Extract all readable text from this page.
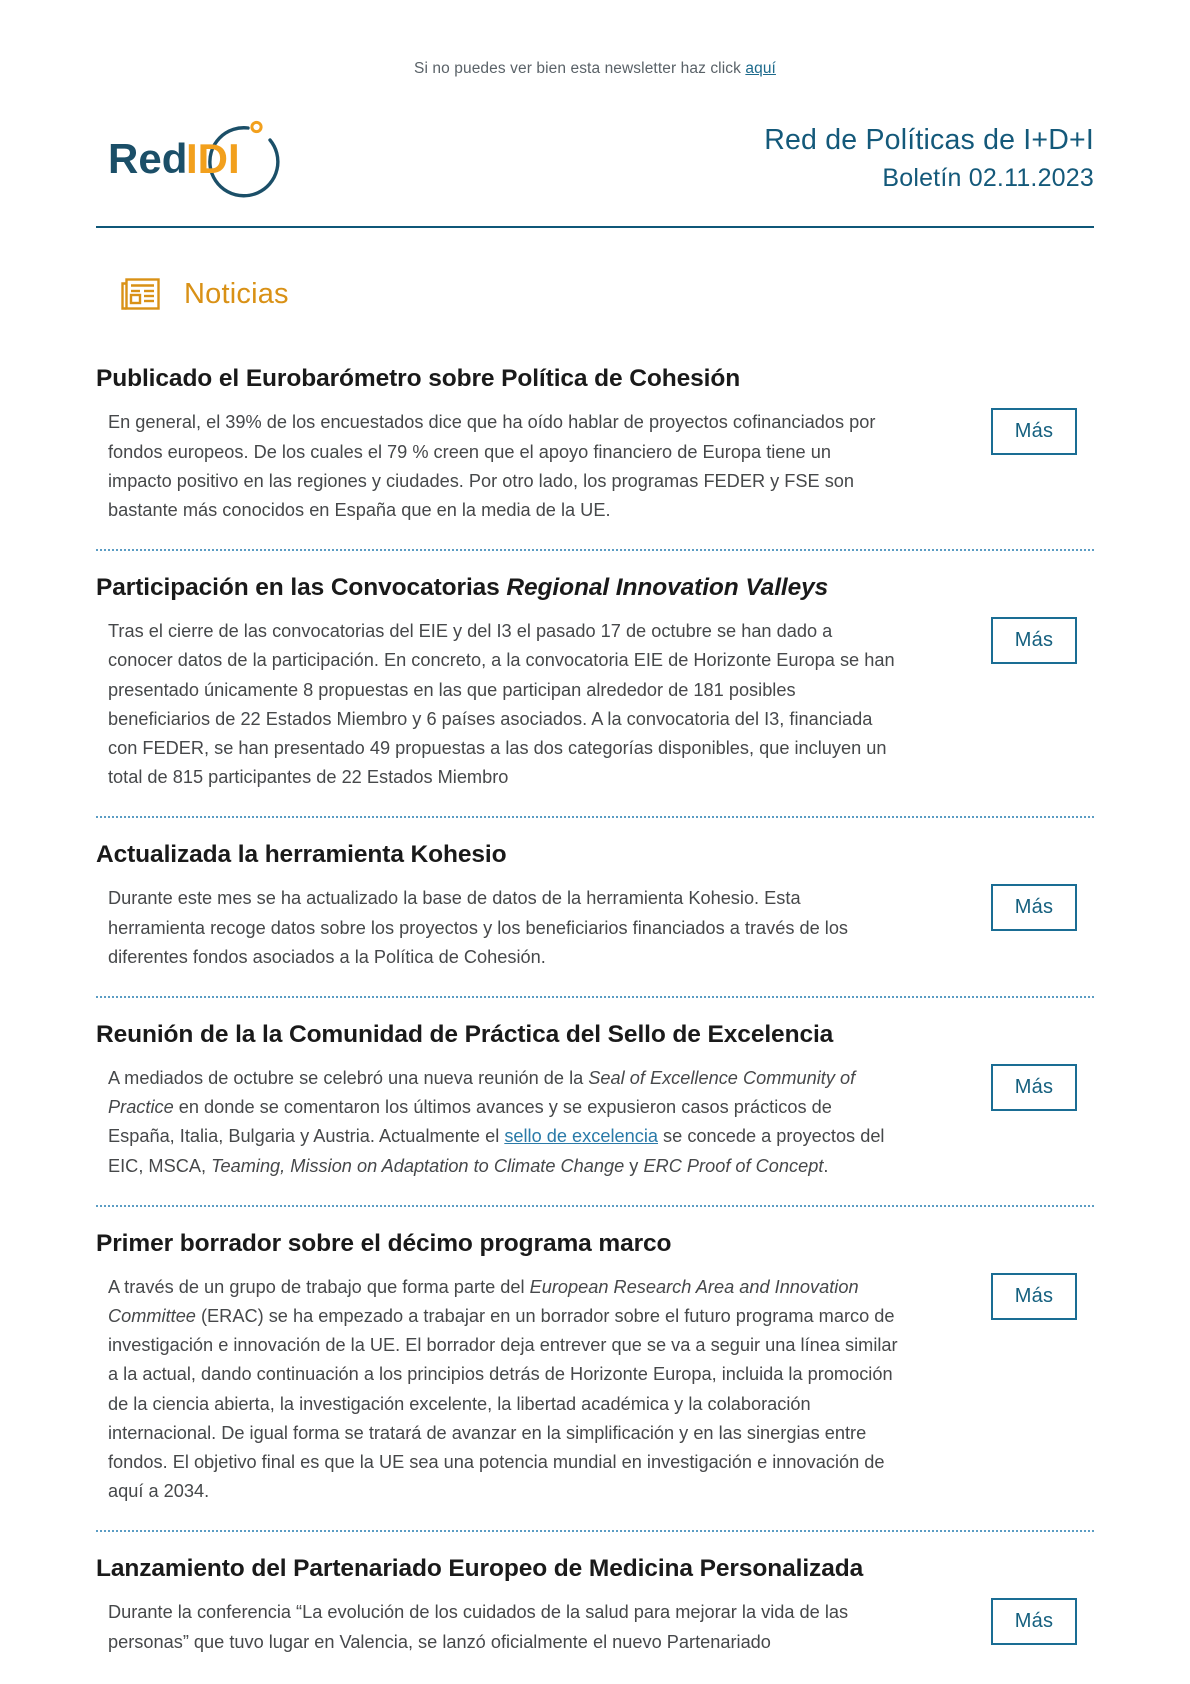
Si no puedes ver bien esta newsletter haz click aquí
Red
IDI	Red de Políticas de I+D+I
Boletín 02.11.2023
Noticias
Publicado el Eurobarómetro sobre Política de Cohesión
En general, el 39% de los encuestados dice que ha oído hablar de proyectos cofinanciados por fondos europeos. De los cuales el 79 % creen que el apoyo financiero de Europa tiene un impacto positivo en las regiones y ciudades. Por otro lado, los programas FEDER y FSE son bastante más conocidos en España que en la media de la UE.
Más
Participación en las Convocatorias Regional Innovation Valleys
Tras el cierre de las convocatorias del EIE y del I3 el pasado 17 de octubre se han dado a conocer datos de la participación. En concreto, a la convocatoria EIE de Horizonte Europa se han presentado únicamente 8 propuestas en las que participan alrededor de 181 posibles beneficiarios de 22 Estados Miembro y 6 países asociados. A la convocatoria del I3, financiada con FEDER, se han presentado 49 propuestas a las dos categorías disponibles, que incluyen un total de 815 participantes de 22 Estados Miembro
Más
Actualizada la herramienta Kohesio
Durante este mes se ha actualizado la base de datos de la herramienta Kohesio. Esta herramienta recoge datos sobre los proyectos y los beneficiarios financiados a través de los diferentes fondos asociados a la Política de Cohesión.
Más
Reunión de la la Comunidad de Práctica del Sello de Excelencia
A mediados de octubre se celebró una nueva reunión de la Seal of Excellence Community of Practice en donde se comentaron los últimos avances y se expusieron casos prácticos de España, Italia, Bulgaria y Austria. Actualmente el sello de excelencia se concede a proyectos del EIC, MSCA, Teaming, Mission on Adaptation to Climate Change y ERC Proof of Concept.
Más
Primer borrador sobre el décimo programa marco
A través de un grupo de trabajo que forma parte del European Research Area and Innovation Committee (ERAC) se ha empezado a trabajar en un borrador sobre el futuro programa marco de investigación e innovación de la UE. El borrador deja entrever que se va a seguir una línea similar a la actual, dando continuación a los principios detrás de Horizonte Europa, incluida la promoción de la ciencia abierta, la investigación excelente, la libertad académica y la colaboración internacional. De igual forma se tratará de avanzar en la simplificación y en las sinergias entre fondos. El objetivo final es que la UE sea una potencia mundial en investigación e innovación de aquí a 2034.
Más
Lanzamiento del Partenariado Europeo de Medicina Personalizada
Durante la conferencia “La evolución de los cuidados de la salud para mejorar la vida de las personas” que tuvo lugar en Valencia, se lanzó oficialmente el nuevo Partenariado
Más
